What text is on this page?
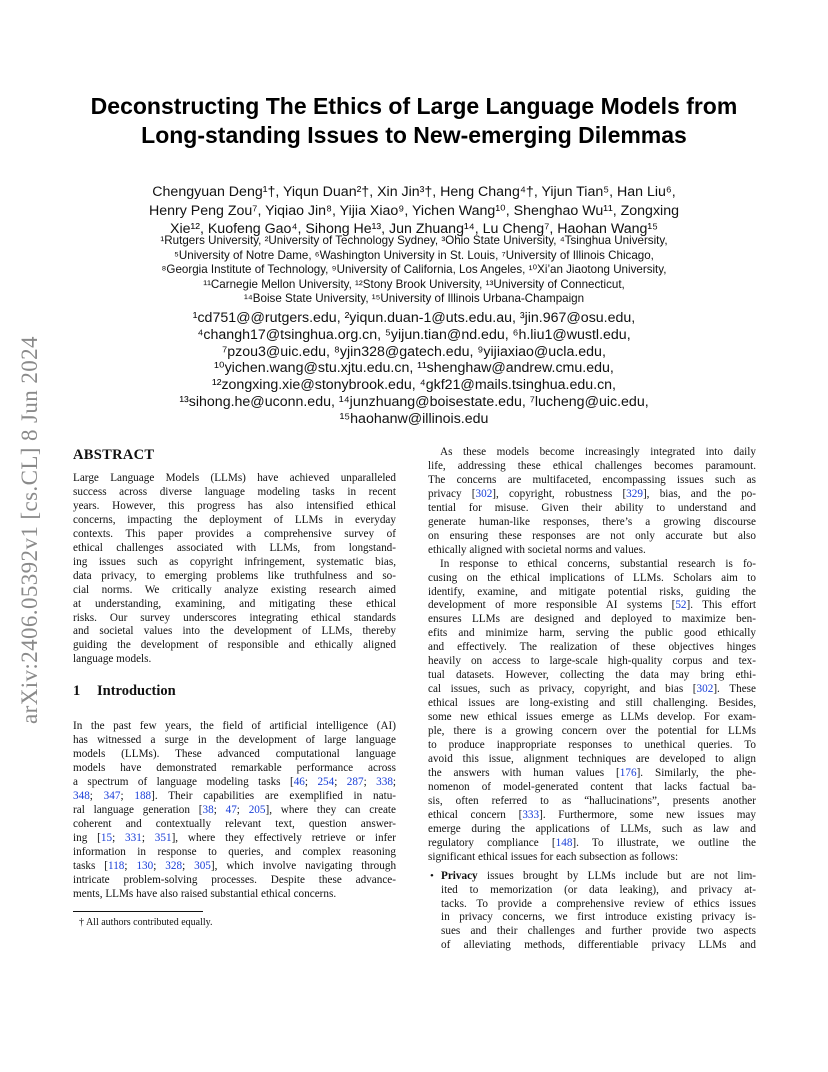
arXiv:2406.05392v1 [cs.CL] 8 Jun 2024
Deconstructing The Ethics of Large Language Models from
Long-standing Issues to New-emerging Dilemmas
Chengyuan Deng¹†, Yiqun Duan²†, Xin Jin³†, Heng Chang⁴†, Yijun Tian⁵, Han Liu⁶,
Henry Peng Zou⁷, Yiqiao Jin⁸, Yijia Xiao⁹, Yichen Wang¹⁰, Shenghao Wu¹¹, Zongxing
Xie¹², Kuofeng Gao⁴, Sihong He¹³, Jun Zhuang¹⁴, Lu Cheng⁷, Haohan Wang¹⁵
¹Rutgers University, ²University of Technology Sydney, ³Ohio State University, ⁴Tsinghua University,
⁵University of Notre Dame, ⁶Washington University in St. Louis, ⁷University of Illinois Chicago,
⁸Georgia Institute of Technology, ⁹University of California, Los Angeles, ¹⁰Xi’an Jiaotong University,
¹¹Carnegie Mellon University, ¹²Stony Brook University, ¹³University of Connecticut,
¹⁴Boise State University, ¹⁵University of Illinois Urbana-Champaign
¹cd751@@rutgers.edu, ²yiqun.duan-1@uts.edu.au, ³jin.967@osu.edu,
⁴changh17@tsinghua.org.cn, ⁵yijun.tian@nd.edu, ⁶h.liu1@wustl.edu,
⁷pzou3@uic.edu, ⁸yjin328@gatech.edu, ⁹yijiaxiao@ucla.edu,
¹⁰yichen.wang@stu.xjtu.edu.cn, ¹¹shenghaw@andrew.cmu.edu,
¹²zongxing.xie@stonybrook.edu, ⁴gkf21@mails.tsinghua.edu.cn,
¹³sihong.he@uconn.edu, ¹⁴junzhuang@boisestate.edu, ⁷lucheng@uic.edu,
¹⁵haohanw@illinois.edu
ABSTRACT
Large Language Models (LLMs) have achieved unparalleled
success across diverse language modeling tasks in recent
years. However, this progress has also intensified ethical
concerns, impacting the deployment of LLMs in everyday
contexts. This paper provides a comprehensive survey of
ethical challenges associated with LLMs, from longstand-
ing issues such as copyright infringement, systematic bias,
data privacy, to emerging problems like truthfulness and so-
cial norms. We critically analyze existing research aimed
at understanding, examining, and mitigating these ethical
risks. Our survey underscores integrating ethical standards
and societal values into the development of LLMs, thereby
guiding the development of responsible and ethically aligned
language models.
1 Introduction
In the past few years, the field of artificial intelligence (AI)
has witnessed a surge in the development of large language
models (LLMs). These advanced computational language
models have demonstrated remarkable performance across
a spectrum of language modeling tasks [46; 254; 287; 338;
348; 347; 188]. Their capabilities are exemplified in natu-
ral language generation [38; 47; 205], where they can create
coherent and contextually relevant text, question answer-
ing [15; 331; 351], where they effectively retrieve or infer
information in response to queries, and complex reasoning
tasks [118; 130; 328; 305], which involve navigating through
intricate problem-solving processes. Despite these advance-
ments, LLMs have also raised substantial ethical concerns.
† All authors contributed equally.
As these models become increasingly integrated into daily
life, addressing these ethical challenges becomes paramount.
The concerns are multifaceted, encompassing issues such as
privacy [302], copyright, robustness [329], bias, and the po-
tential for misuse. Given their ability to understand and
generate human-like responses, there’s a growing discourse
on ensuring these responses are not only accurate but also
ethically aligned with societal norms and values.
In response to ethical concerns, substantial research is fo-
cusing on the ethical implications of LLMs. Scholars aim to
identify, examine, and mitigate potential risks, guiding the
development of more responsible AI systems [52]. This effort
ensures LLMs are designed and deployed to maximize ben-
efits and minimize harm, serving the public good ethically
and effectively. The realization of these objectives hinges
heavily on access to large-scale high-quality corpus and tex-
tual datasets. However, collecting the data may bring ethi-
cal issues, such as privacy, copyright, and bias [302]. These
ethical issues are long-existing and still challenging. Besides,
some new ethical issues emerge as LLMs develop. For exam-
ple, there is a growing concern over the potential for LLMs
to produce inappropriate responses to unethical queries. To
avoid this issue, alignment techniques are developed to align
the answers with human values [176]. Similarly, the phe-
nomenon of model-generated content that lacks factual ba-
sis, often referred to as “hallucinations”, presents another
ethical concern [333]. Furthermore, some new issues may
emerge during the applications of LLMs, such as law and
regulatory compliance [148]. To illustrate, we outline the
significant ethical issues for each subsection as follows:
• Privacy issues brought by LLMs include but are not lim-
ited to memorization (or data leaking), and privacy at-
tacks. To provide a comprehensive review of ethics issues
in privacy concerns, we first introduce existing privacy is-
sues and their challenges and further provide two aspects
of alleviating methods, differentiable privacy LLMs and
